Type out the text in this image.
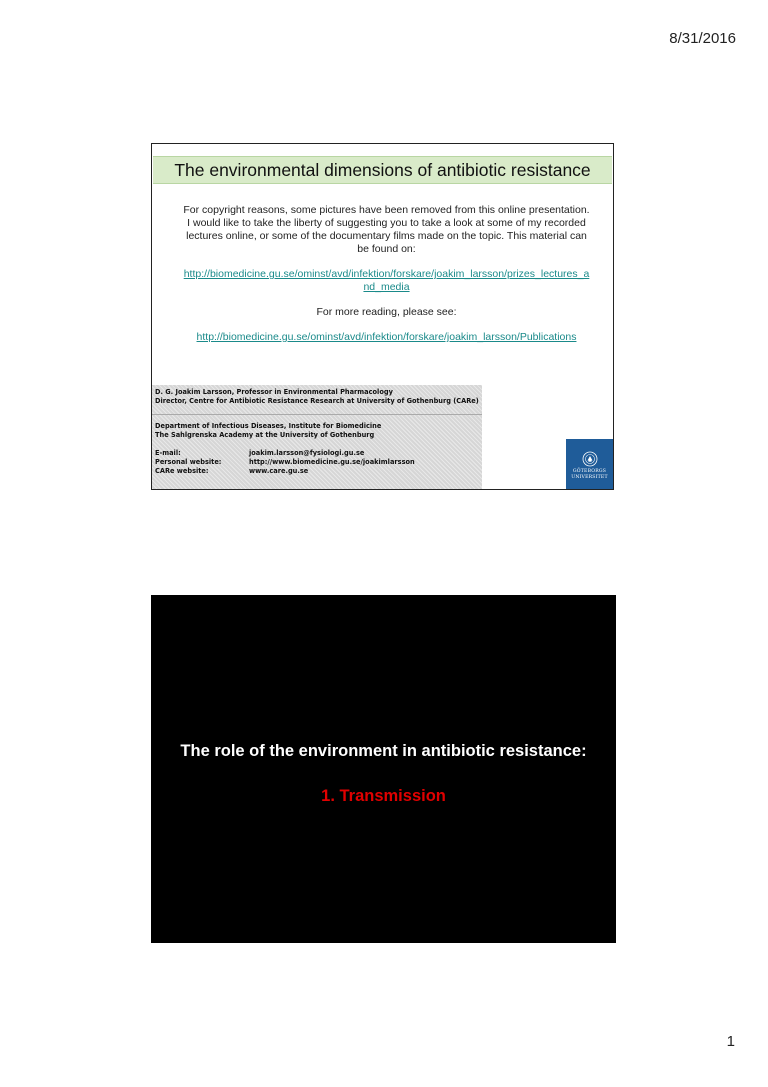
8/31/2016
The environmental dimensions of antibiotic resistance

For copyright reasons, some pictures have been removed from this online presentation. I would like to take the liberty of suggesting you to take a look at some of my recorded lectures online, or some of the documentary films made on the topic. This material can be found on:

http://biomedicine.gu.se/ominst/avd/infektion/forskare/joakim_larsson/prizes_lectures_and_media

For more reading, please see:

http://biomedicine.gu.se/ominst/avd/infektion/forskare/joakim_larsson/Publications

D. G. Joakim Larsson, Professor in Environmental Pharmacology
Director, Centre for Antibiotic Resistance Research at University of Gothenburg (CARe)
Department of Infectious Diseases, Institute for Biomedicine
The Sahlgrenska Academy at the University of Gothenburg
E-mail:	joakim.larsson@fysiologi.gu.se
Personal website:	http://www.biomedicine.gu.se/joakimlarsson
CARe website:	www.care.gu.se	GÖTEBORGS
UNIVERSITET
The role of the environment in antibiotic resistance:
1. Transmission
1
